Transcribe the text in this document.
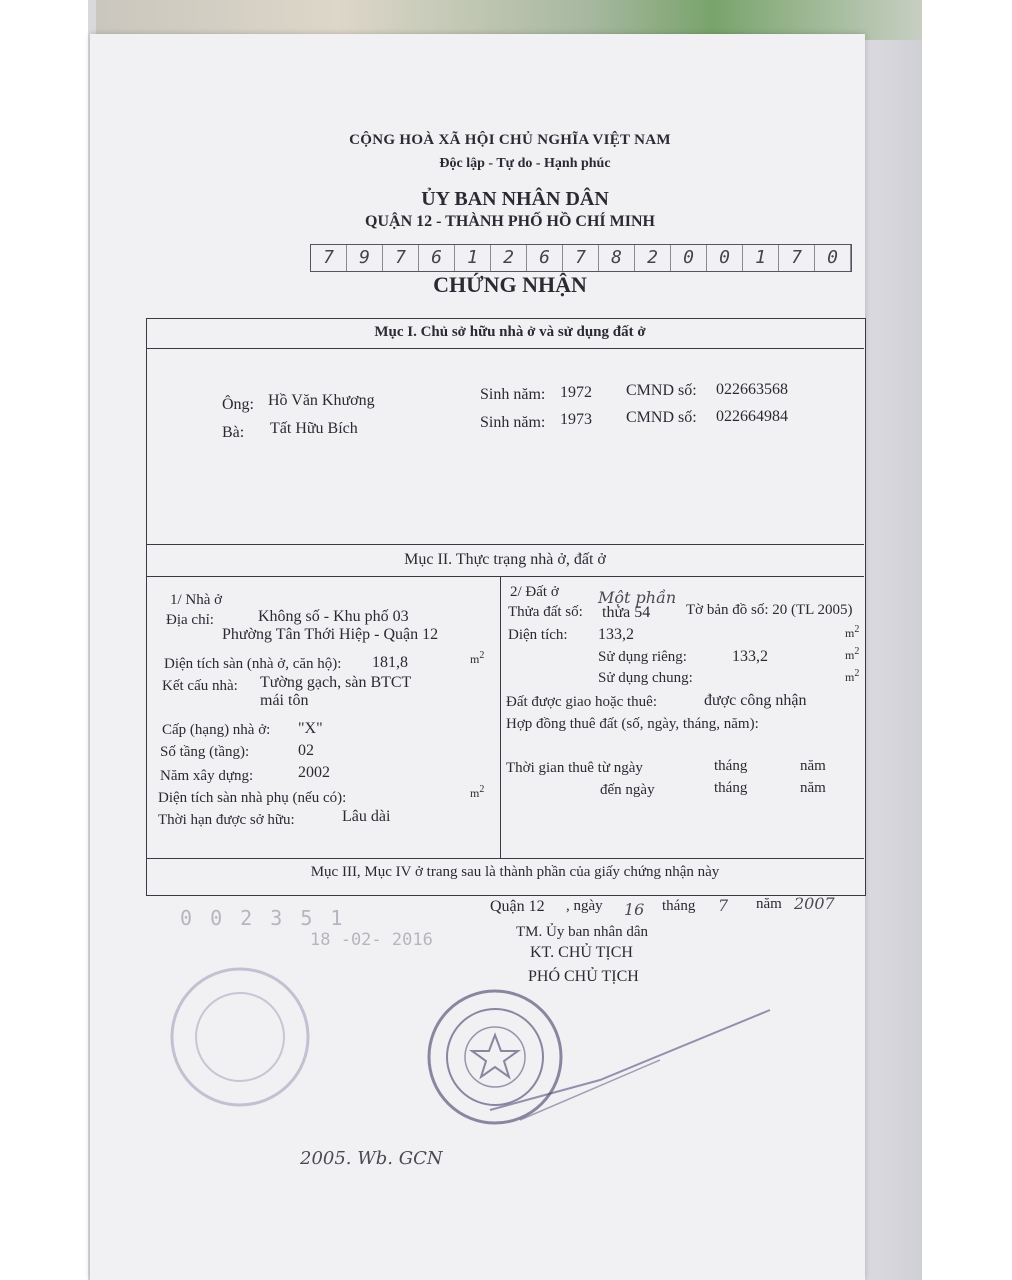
CỘNG HOÀ XÃ HỘI CHỦ NGHĨA VIỆT NAM
Độc lập - Tự do - Hạnh phúc
ỦY BAN NHÂN DÂN
QUẬN 12 - THÀNH PHỐ HỒ CHÍ MINH
7	9	7	6	1	2	6	7	8	2	0	0	1	7	0
CHỨNG NHẬN
Mục I. Chủ sở hữu nhà ở và sử dụng đất ở
Ông: Hồ Văn Khương	Sinh năm: 1972 CMND số: 022663568
Bà: Tất Hữu Bích	Sinh năm: 1973 CMND số: 022664984
Mục II. Thực trạng nhà ở, đất ở
1/ Nhà ở
Địa chỉ:	Không số - Khu phố 03
Phường Tân Thới Hiệp - Quận 12
Diện tích sàn (nhà ở, căn hộ): 181,8	$m^2$
Kết cấu nhà: Tường gạch, sàn BTCT
mái tôn
Cấp (hạng) nhà ở: "X"
Số tầng (tầng):	02
Năm xây dựng:	2002
Diện tích sàn nhà phụ (nếu có):	$m^2$
Thời hạn được sở hữu:	Lâu dài
2/ Đất ở
Thửa đất số:
Một phần
thửa 54 Tờ bản đồ số: 20 (TL 2005)
Diện tích: 133,2	$m^2$
Sử dụng riêng:	133,2	$m^2$
Sử dụng chung:	$m^2$
Đất được giao hoặc thuê:	được công nhận
Hợp đồng thuê đất (số, ngày, tháng, năm):
Thời gian thuê từ ngày	tháng	năm
đến ngày	tháng	năm
Mục III, Mục IV ở trang sau là thành phần của giấy chứng nhận này
Quận 12 , ngày 16 tháng 7 năm 2007
TM. Ủy ban nhân dân
KT. CHỦ TỊCH
PHÓ CHỦ TỊCH
0 0 2 3 5 1
18 -02- 2016
2005. Wb. GCN
